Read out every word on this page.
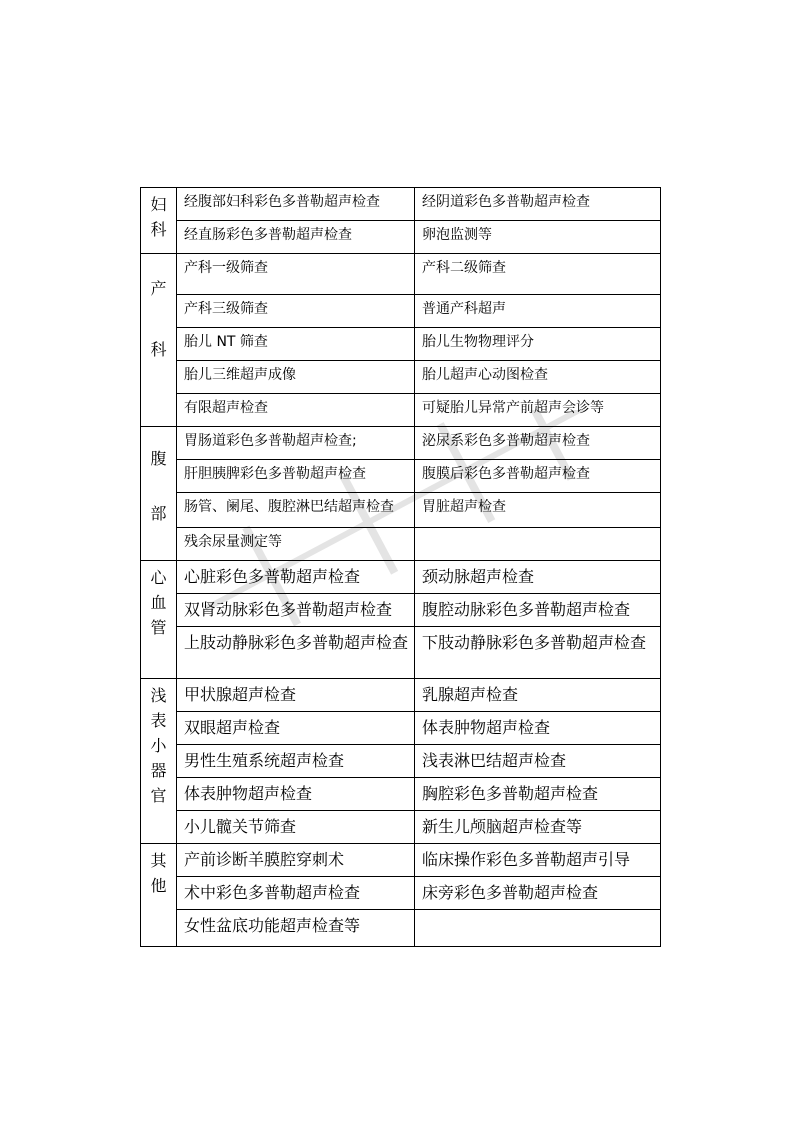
妇科	经腹部妇科彩色多普勒超声检查	经阴道彩色多普勒超声检查
	经直肠彩色多普勒超声检查	卵泡监测等

产科	产科一级筛查	产科二级筛查
	产科三级筛查	普通产科超声
	胎儿 NT 筛查	胎儿生物物理评分
	胎儿三维超声成像	胎儿超声心动图检查
	有限超声检查	可疑胎儿异常产前超声会诊等

腹部	胃肠道彩色多普勒超声检查;	泌尿系彩色多普勒超声检查
	肝胆胰脾彩色多普勒超声检查	腹膜后彩色多普勒超声检查
	肠管、阑尾、腹腔淋巴结超声检查	胃脏超声检查
	残余尿量测定等	

心血管	心脏彩色多普勒超声检查	颈动脉超声检查
	双肾动脉彩色多普勒超声检查	腹腔动脉彩色多普勒超声检查
	上肢动静脉彩色多普勒超声检查	下肢动静脉彩色多普勒超声检查

浅表小器官	甲状腺超声检查	乳腺超声检查
	双眼超声检查	体表肿物超声检查
	男性生殖系统超声检查	浅表淋巴结超声检查
	体表肿物超声检查	胸腔彩色多普勒超声检查
	小儿髋关节筛查	新生儿颅脑超声检查等

其他	产前诊断羊膜腔穿刺术	临床操作彩色多普勒超声引导
	术中彩色多普勒超声检查	床旁彩色多普勒超声检查
	女性盆底功能超声检查等	
